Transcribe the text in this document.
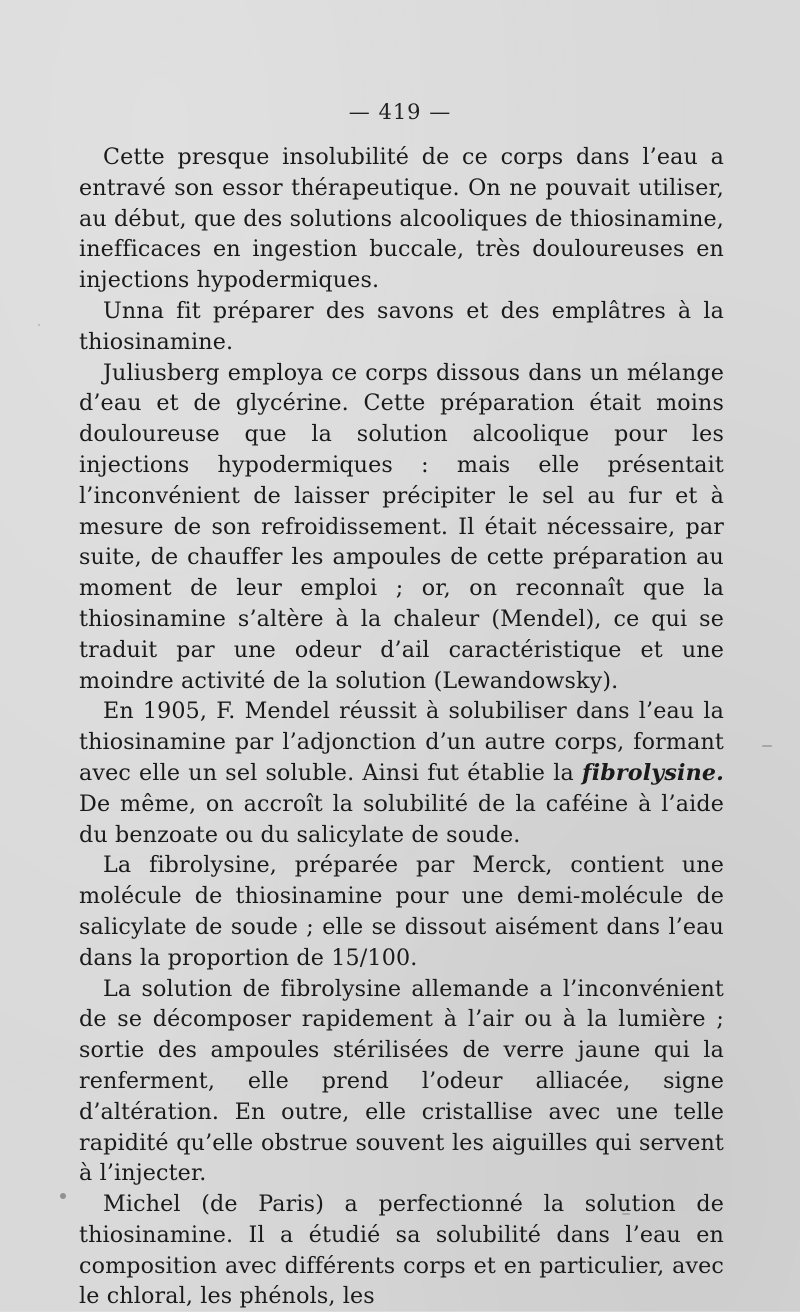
— 419 —

Cette presque insolubilité de ce corps dans l’eau a entravé son essor thérapeutique. On ne pouvait utiliser, au début, que des solutions alcooliques de thiosinamine, inefficaces en ingestion buccale, très douloureuses en injections hypodermiques.

Unna fit préparer des savons et des emplâtres à la thiosinamine.

Juliusberg employa ce corps dissous dans un mélange d’eau et de glycérine. Cette préparation était moins douloureuse que la solution alcoolique pour les injections hypodermiques : mais elle présentait l’inconvénient de laisser précipiter le sel au fur et à mesure de son refroidissement. Il était nécessaire, par suite, de chauffer les ampoules de cette préparation au moment de leur emploi ; or, on reconnaît que la thiosinamine s’altère à la chaleur (Mendel), ce qui se traduit par une odeur d’ail caractéristique et une moindre activité de la solution (Lewandowsky).

En 1905, F. Mendel réussit à solubiliser dans l’eau la thiosinamine par l’adjonction d’un autre corps, formant avec elle un sel soluble. Ainsi fut établie la fibrolysine. De même, on accroît la solubilité de la caféine à l’aide du benzoate ou du salicylate de soude.

La fibrolysine, préparée par Merck, contient une molécule de thiosinamine pour une demi-molécule de salicylate de soude ; elle se dissout aisément dans l’eau dans la proportion de 15/100.

La solution de fibrolysine allemande a l’inconvénient de se décomposer rapidement à l’air ou à la lumière ; sortie des ampoules stérilisées de verre jaune qui la renferment, elle prend l’odeur alliacée, signe d’altération. En outre, elle cristallise avec une telle rapidité qu’elle obstrue souvent les aiguilles qui servent à l’injecter.

Michel (de Paris) a perfectionné la solution de thiosinamine. Il a étudié sa solubilité dans l’eau en composition avec différents corps et en particulier, avec le chloral, les phénols, les
